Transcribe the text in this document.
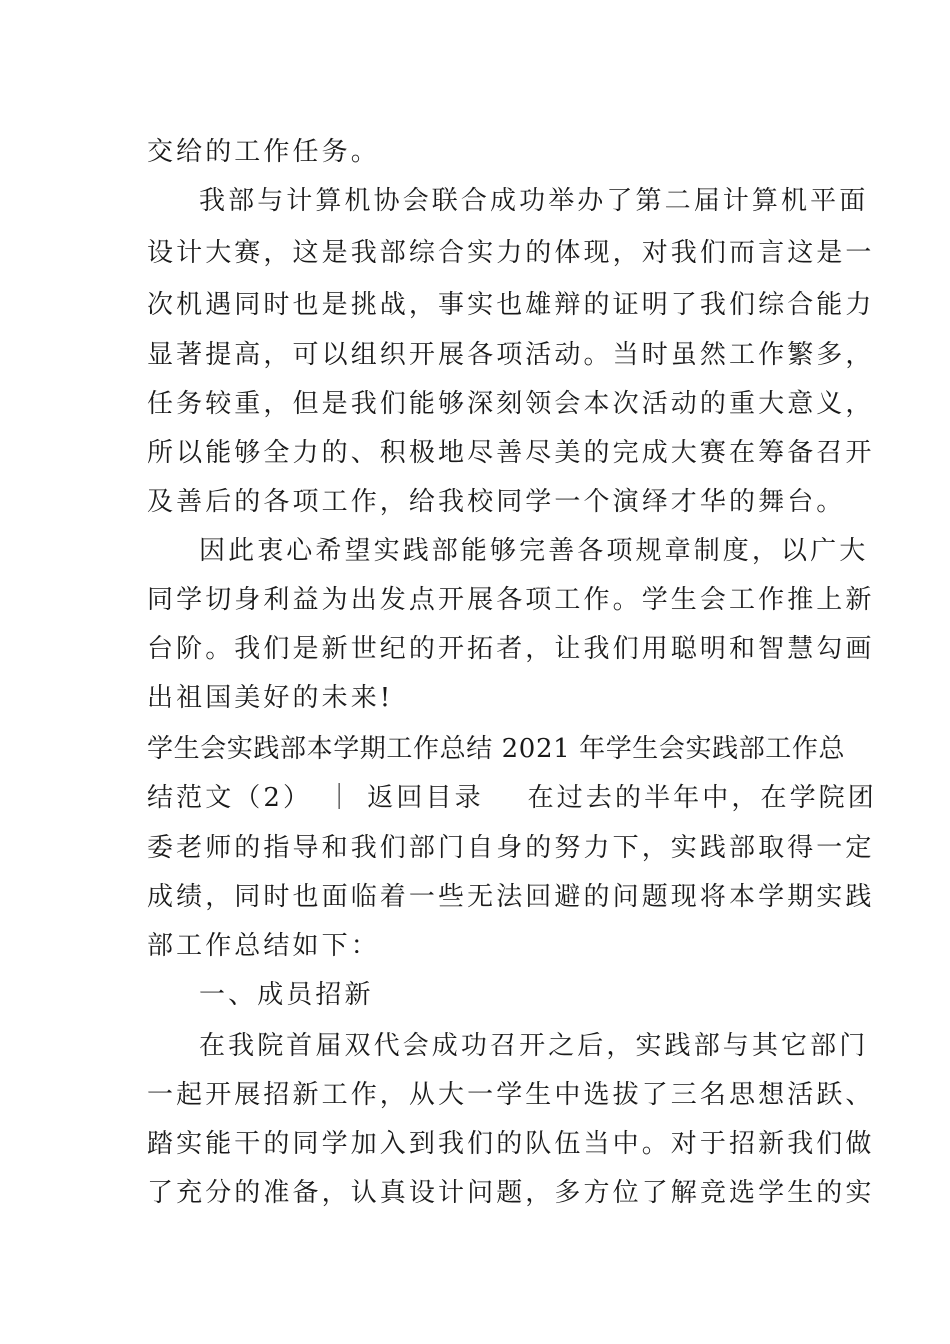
交给的工作任务。
我部与计算机协会联合成功举办了第二届计算机平面
设计大赛，这是我部综合实力的体现，对我们而言这是一
次机遇同时也是挑战，事实也雄辩的证明了我们综合能力
显著提高，可以组织开展各项活动。当时虽然工作繁多，
任务较重，但是我们能够深刻领会本次活动的重大意义，
所以能够全力的、积极地尽善尽美的完成大赛在筹备召开
及善后的各项工作，给我校同学一个演绎才华的舞台。
因此衷心希望实践部能够完善各项规章制度，以广大
同学切身利益为出发点开展各项工作。学生会工作推上新
台阶。我们是新世纪的开拓者，让我们用聪明和智慧勾画
出祖国美好的未来!
学生会实践部本学期工作总结 2021 年学生会实践部工作总
结范文（2） ｜ 返回目录 在过去的半年中，在学院团
委老师的指导和我们部门自身的努力下，实践部取得一定
成绩，同时也面临着一些无法回避的问题现将本学期实践
部工作总结如下：
一、成员招新
在我院首届双代会成功召开之后，实践部与其它部门
一起开展招新工作，从大一学生中选拔了三名思想活跃、
踏实能干的同学加入到我们的队伍当中。对于招新我们做
了充分的准备，认真设计问题，多方位了解竞选学生的实
